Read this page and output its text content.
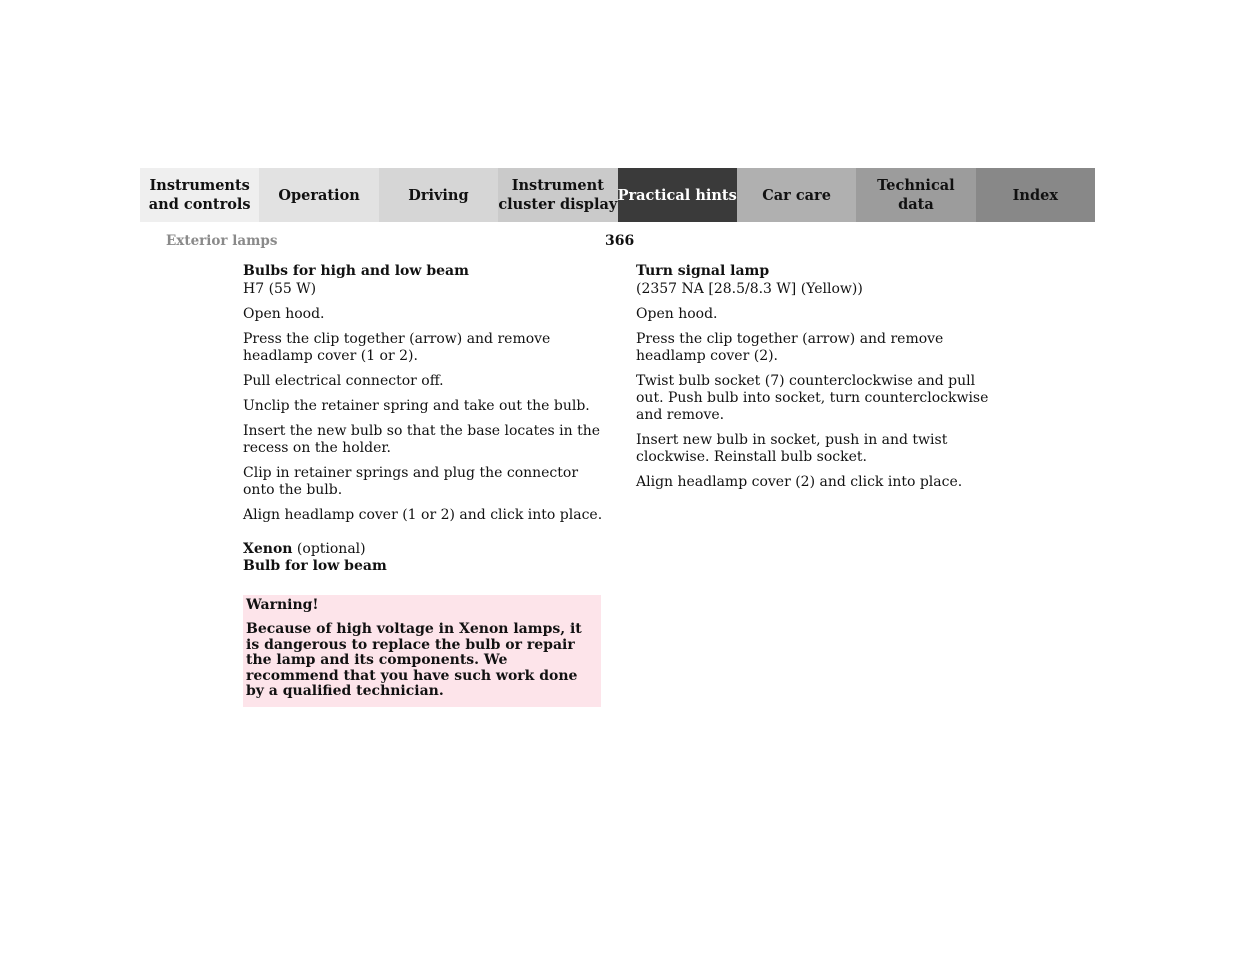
Instruments
and controls
Operation	Driving
Instrument
cluster display
Practical hints	Car care
Technical
data
Index
Exterior lamps	366
Bulbs for high and low beam
H7 (55 W)

Open hood.

Press the clip together (arrow) and remove headlamp cover (1 or 2).

Pull electrical connector off.

Unclip the retainer spring and take out the bulb.

Insert the new bulb so that the base locates in the recess on the holder.

Clip in retainer springs and plug the connector onto the bulb.

Align headlamp cover (1 or 2) and click into place.

Xenon (optional)
Bulb for low beam
Warning!
Because of high voltage in Xenon lamps, it is dangerous to replace the bulb or repair the lamp and its components. We recommend that you have such work done by a qualified technician.
Turn signal lamp
(2357 NA [28.5/8.3 W] (Yellow))

Open hood.

Press the clip together (arrow) and remove headlamp cover (2).

Twist bulb socket (7) counterclockwise and pull out. Push bulb into socket, turn counterclockwise and remove.

Insert new bulb in socket, push in and twist clockwise. Reinstall bulb socket.

Align headlamp cover (2) and click into place.
